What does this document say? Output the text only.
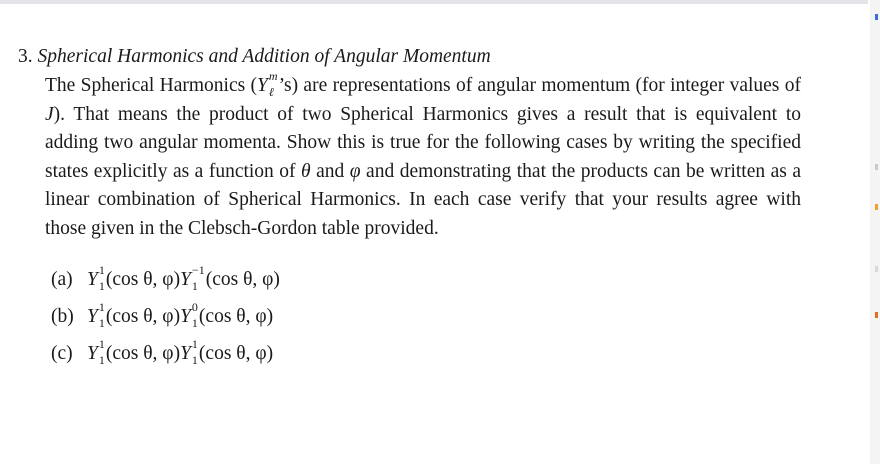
3. Spherical Harmonics and Addition of Angular Momentum

The Spherical Harmonics (Y m
ℓ ’s) are representations of angular momentum (for integer values of J). That means the product of two Spherical Harmonics gives a result that is equivalent to adding two angular momenta. Show this is true for the following cases by writing the specified states explicitly as a function of θ and φ and demonstrating that the products can be written as a linear combination of Spherical Harmonics. In each case verify that your results agree with those given in the Clebsch-Gordon table provided.

(a) Y 1
1 (cos θ, φ)Y −1
1 (cos θ, φ)
(b) Y 1
1 (cos θ, φ)Y 0
1 (cos θ, φ)
(c) Y 1
1 (cos θ, φ)Y 1
1 (cos θ, φ)
